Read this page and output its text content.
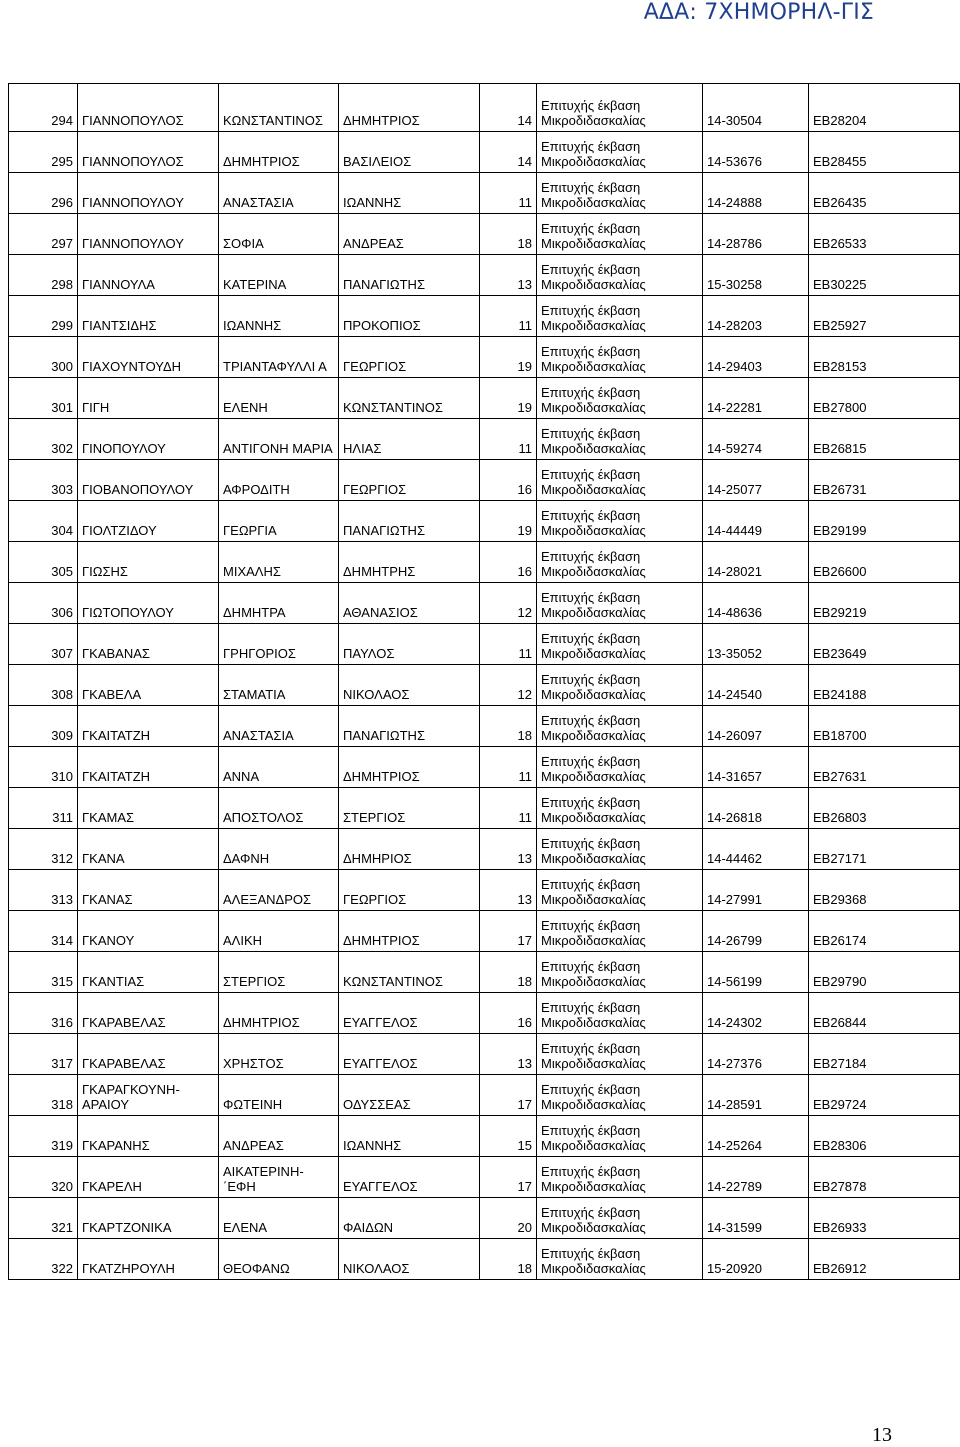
ΑΔΑ: 7ΧΗΜΟΡΗΛ-ΓΙΣ
294	ΓΙΑΝΝΟΠΟΥΛΟΣ	ΚΩΝΣΤΑΝΤΙΝΟΣ	ΔΗΜΗΤΡΙΟΣ	14	Επιτυχής έκβαση
Μικροδιδασκαλίας	14-30504	ΕΒ28204
295	ΓΙΑΝΝΟΠΟΥΛΟΣ	ΔΗΜΗΤΡΙΟΣ	ΒΑΣΙΛΕΙΟΣ	14	Επιτυχής έκβαση
Μικροδιδασκαλίας	14-53676	ΕΒ28455
296	ΓΙΑΝΝΟΠΟΥΛΟΥ	ΑΝΑΣΤΑΣΙΑ	ΙΩΑΝΝΗΣ	11	Επιτυχής έκβαση
Μικροδιδασκαλίας	14-24888	ΕΒ26435
297	ΓΙΑΝΝΟΠΟΥΛΟΥ	ΣΟΦΙΑ	ΑΝΔΡΕΑΣ	18	Επιτυχής έκβαση
Μικροδιδασκαλίας	14-28786	ΕΒ26533
298	ΓΙΑΝΝΟΥΛΑ	ΚΑΤΕΡΙΝΑ	ΠΑΝΑΓΙΩΤΗΣ	13	Επιτυχής έκβαση
Μικροδιδασκαλίας	15-30258	ΕΒ30225
299	ΓΙΑΝΤΣΙΔΗΣ	ΙΩΑΝΝΗΣ	ΠΡΟΚΟΠΙΟΣ	11	Επιτυχής έκβαση
Μικροδιδασκαλίας	14-28203	ΕΒ25927
300	ΓΙΑΧΟΥΝΤΟΥΔΗ	ΤΡΙΑΝΤΑΦΥΛΛΙ Α	ΓΕΩΡΓΙΟΣ	19	Επιτυχής έκβαση
Μικροδιδασκαλίας	14-29403	ΕΒ28153
301	ΓΙΓΗ	ΕΛΕΝΗ	ΚΩΝΣΤΑΝΤΙΝΟΣ	19	Επιτυχής έκβαση
Μικροδιδασκαλίας	14-22281	ΕΒ27800
302	ΓΙΝΟΠΟΥΛΟΥ	ΑΝΤΙΓΟΝΗ ΜΑΡΙΑ	ΗΛΙΑΣ	11	Επιτυχής έκβαση
Μικροδιδασκαλίας	14-59274	ΕΒ26815
303	ΓΙΟΒΑΝΟΠΟΥΛΟΥ	ΑΦΡΟΔΙΤΗ	ΓΕΩΡΓΙΟΣ	16	Επιτυχής έκβαση
Μικροδιδασκαλίας	14-25077	ΕΒ26731
304	ΓΙΟΛΤΖΙΔΟΥ	ΓΕΩΡΓΙΑ	ΠΑΝΑΓΙΩΤΗΣ	19	Επιτυχής έκβαση
Μικροδιδασκαλίας	14-44449	ΕΒ29199
305	ΓΙΩΣΗΣ	ΜΙΧΑΛΗΣ	ΔΗΜΗΤΡΗΣ	16	Επιτυχής έκβαση
Μικροδιδασκαλίας	14-28021	ΕΒ26600
306	ΓΙΩΤΟΠΟΥΛΟΥ	ΔΗΜΗΤΡΑ	ΑΘΑΝΑΣΙΟΣ	12	Επιτυχής έκβαση
Μικροδιδασκαλίας	14-48636	ΕΒ29219
307	ΓΚΑΒΑΝΑΣ	ΓΡΗΓΟΡΙΟΣ	ΠΑΥΛΟΣ	11	Επιτυχής έκβαση
Μικροδιδασκαλίας	13-35052	ΕΒ23649
308	ΓΚΑΒΕΛΑ	ΣΤΑΜΑΤΙΑ	ΝΙΚΟΛΑΟΣ	12	Επιτυχής έκβαση
Μικροδιδασκαλίας	14-24540	ΕΒ24188
309	ΓΚΑΙΤΑΤΖΗ	ΑΝΑΣΤΑΣΙΑ	ΠΑΝΑΓΙΩΤΗΣ	18	Επιτυχής έκβαση
Μικροδιδασκαλίας	14-26097	ΕΒ18700
310	ΓΚΑΙΤΑΤΖΗ	ΑΝΝΑ	ΔΗΜΗΤΡΙΟΣ	11	Επιτυχής έκβαση
Μικροδιδασκαλίας	14-31657	ΕΒ27631
311	ΓΚΑΜΑΣ	ΑΠΟΣΤΟΛΟΣ	ΣΤΕΡΓΙΟΣ	11	Επιτυχής έκβαση
Μικροδιδασκαλίας	14-26818	ΕΒ26803
312	ΓΚΑΝΑ	ΔΑΦΝΗ	ΔΗΜΗΡΙΟΣ	13	Επιτυχής έκβαση
Μικροδιδασκαλίας	14-44462	ΕΒ27171
313	ΓΚΑΝΑΣ	ΑΛΕΞΑΝΔΡΟΣ	ΓΕΩΡΓΙΟΣ	13	Επιτυχής έκβαση
Μικροδιδασκαλίας	14-27991	ΕΒ29368
314	ΓΚΑΝΟΥ	ΑΛΙΚΗ	ΔΗΜΗΤΡΙΟΣ	17	Επιτυχής έκβαση
Μικροδιδασκαλίας	14-26799	ΕΒ26174
315	ΓΚΑΝΤΙΑΣ	ΣΤΕΡΓΙΟΣ	ΚΩΝΣΤΑΝΤΙΝΟΣ	18	Επιτυχής έκβαση
Μικροδιδασκαλίας	14-56199	ΕΒ29790
316	ΓΚΑΡΑΒΕΛΑΣ	ΔΗΜΗΤΡΙΟΣ	ΕΥΑΓΓΕΛΟΣ	16	Επιτυχής έκβαση
Μικροδιδασκαλίας	14-24302	ΕΒ26844
317	ΓΚΑΡΑΒΕΛΑΣ	ΧΡΗΣΤΟΣ	ΕΥΑΓΓΕΛΟΣ	13	Επιτυχής έκβαση
Μικροδιδασκαλίας	14-27376	ΕΒ27184
318	ΓΚΑΡΑΓΚΟΥΝΗ- ΑΡΑΙΟΥ	ΦΩΤΕΙΝΗ	ΟΔΥΣΣΕΑΣ	17	Επιτυχής έκβαση
Μικροδιδασκαλίας	14-28591	ΕΒ29724
319	ΓΚΑΡΑΝΗΣ	ΑΝΔΡΕΑΣ	ΙΩΑΝΝΗΣ	15	Επιτυχής έκβαση
Μικροδιδασκαλίας	14-25264	ΕΒ28306
320	ΓΚΑΡΕΛΗ	ΑΙΚΑΤΕΡΙΝΗ- ΄ΕΦΗ	ΕΥΑΓΓΕΛΟΣ	17	Επιτυχής έκβαση
Μικροδιδασκαλίας	14-22789	ΕΒ27878
321	ΓΚΑΡΤΖΟΝΙΚΑ	ΕΛΕΝΑ	ΦΑΙΔΩΝ	20	Επιτυχής έκβαση
Μικροδιδασκαλίας	14-31599	ΕΒ26933
322	ΓΚΑΤΖΗΡΟΥΛΗ	ΘΕΟΦΑΝΩ	ΝΙΚΟΛΑΟΣ	18	Επιτυχής έκβαση
Μικροδιδασκαλίας	15-20920	ΕΒ26912
13
